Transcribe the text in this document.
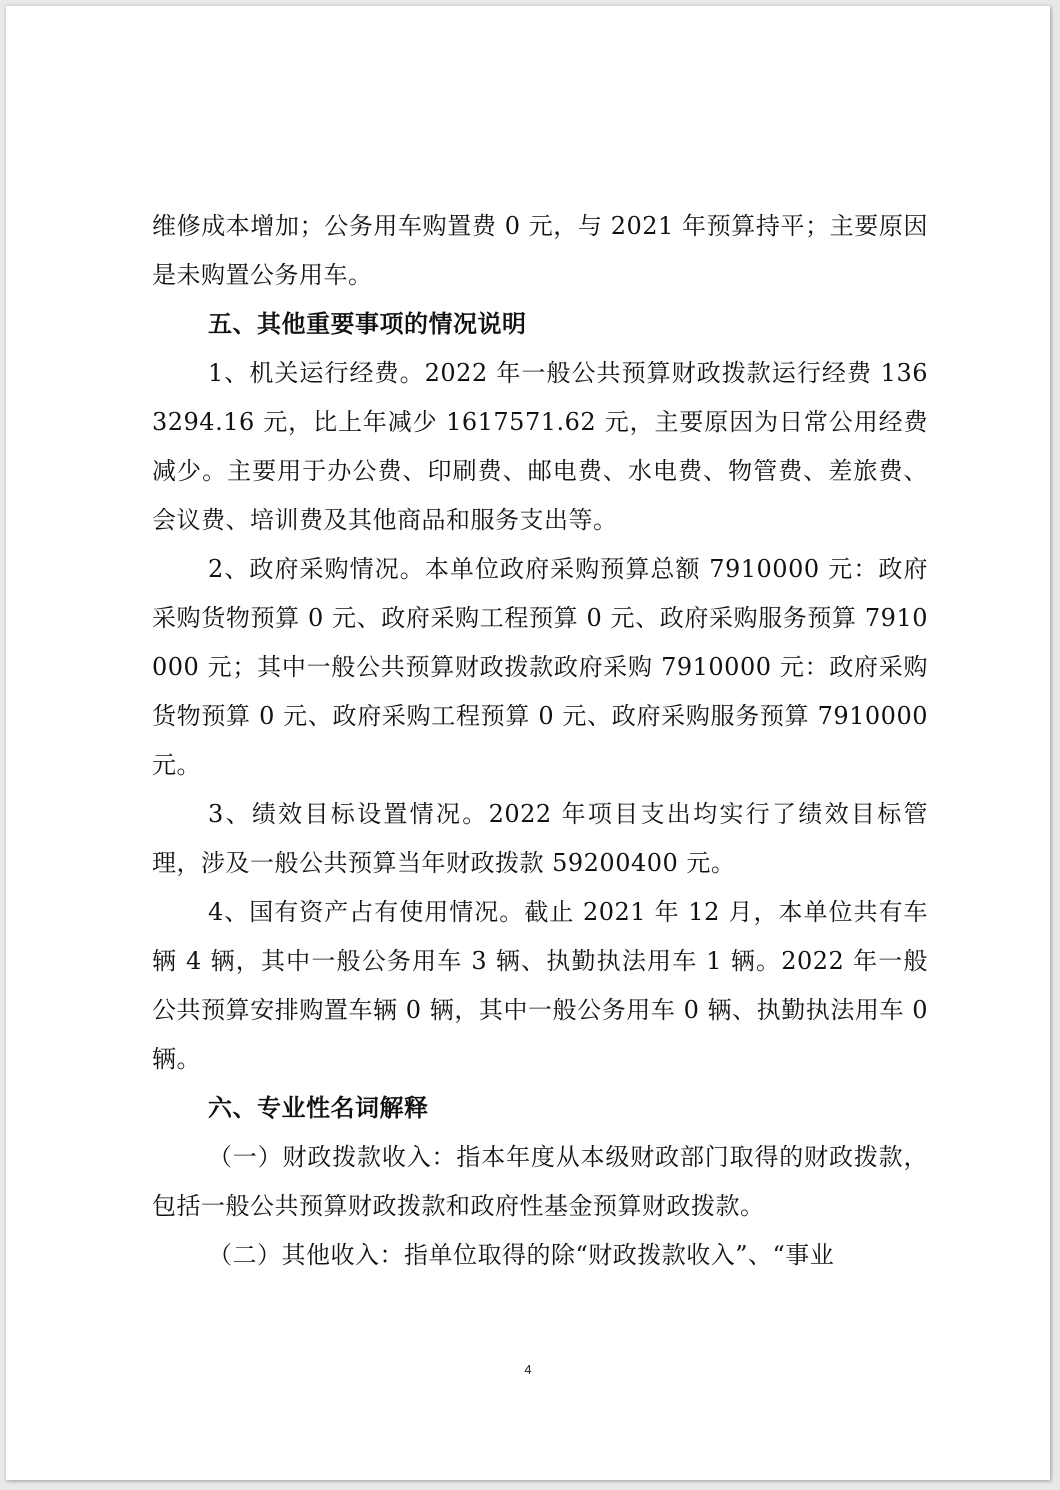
维修成本增加；公务用车购置费 0 元，与 2021 年预算持平；主要原因是未购置公务用车。

五、其他重要事项的情况说明

1、机关运行经费。2022 年一般公共预算财政拨款运行经费 1363294.16 元，比上年减少 1617571.62 元，主要原因为日常公用经费减少。主要用于办公费、印刷费、邮电费、水电费、物管费、差旅费、会议费、培训费及其他商品和服务支出等。

2、政府采购情况。本单位政府采购预算总额 7910000 元：政府采购货物预算 0 元、政府采购工程预算 0 元、政府采购服务预算 7910000 元；其中一般公共预算财政拨款政府采购 7910000 元：政府采购货物预算 0 元、政府采购工程预算 0 元、政府采购服务预算 7910000 元。

3、绩效目标设置情况。2022 年项目支出均实行了绩效目标管理，涉及一般公共预算当年财政拨款 59200400 元。

4、国有资产占有使用情况。截止 2021 年 12 月，本单位共有车辆 4 辆，其中一般公务用车 3 辆、执勤执法用车 1 辆。2022 年一般公共预算安排购置车辆 0 辆，其中一般公务用车 0 辆、执勤执法用车 0 辆。

六、专业性名词解释

（一）财政拨款收入：指本年度从本级财政部门取得的财政拨款，包括一般公共预算财政拨款和政府性基金预算财政拨款。

（二）其他收入：指单位取得的除“财政拨款收入”、“事业

4
